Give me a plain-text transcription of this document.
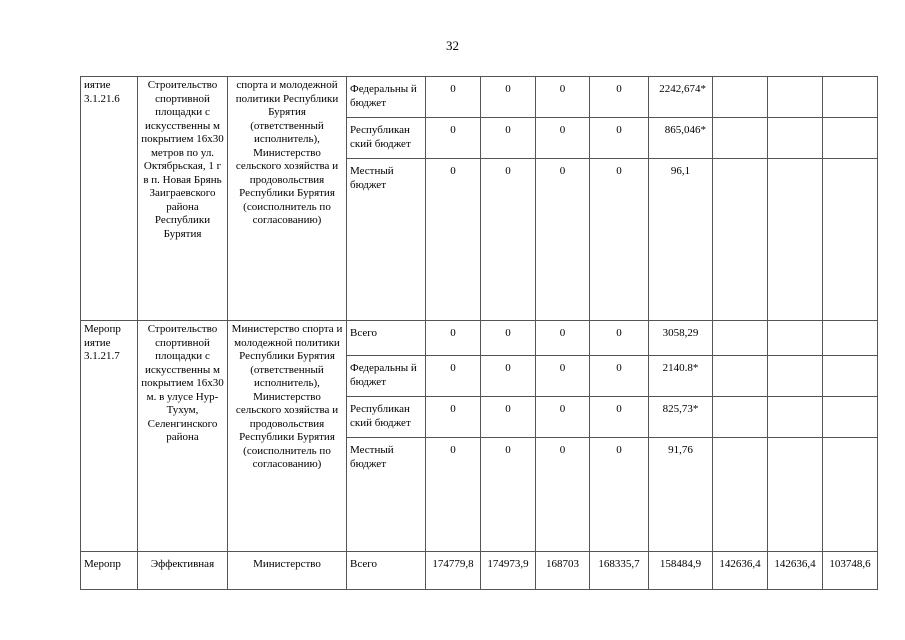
32
иятие
3.1.21.6	Строительство спортивной площадки с искусственны м покрытием 16х30 метров по ул. Октябрьская, 1 г в п. Новая Брянь Заиграевского района Республики Бурятия	спорта и молодежной политики Республики Бурятия (ответственный исполнитель), Министерство сельского хозяйства и продовольствия Республики Бурятия (соисполнитель по согласованию)	Федеральны й бюджет	0	0	0	0	2242,674*			
			Республикан ский бюджет	0	0	0	0	865,046*			
			Местный бюджет	0	0	0	0	96,1			
Меропр иятие 3.1.21.7	Строительство спортивной площадки с искусственны м покрытием 16х30 м. в улусе Нур-Тухум, Селенгинского района	Министерство спорта и молодежной политики Республики Бурятия (ответственный исполнитель), Министерство сельского хозяйства и продовольствия Республики Бурятия (соисполнитель по согласованию)	Всего	0	0	0	0	3058,29			
			Федеральны й бюджет	0	0	0	0	2140.8*			
			Республикан ский бюджет	0	0	0	0	825,73*			
			Местный бюджет	0	0	0	0	91,76			
Меропр	Эффективная	Министерство	Всего	174779,8	174973,9	168703	168335,7	158484,9	142636,4	142636,4	103748,6
